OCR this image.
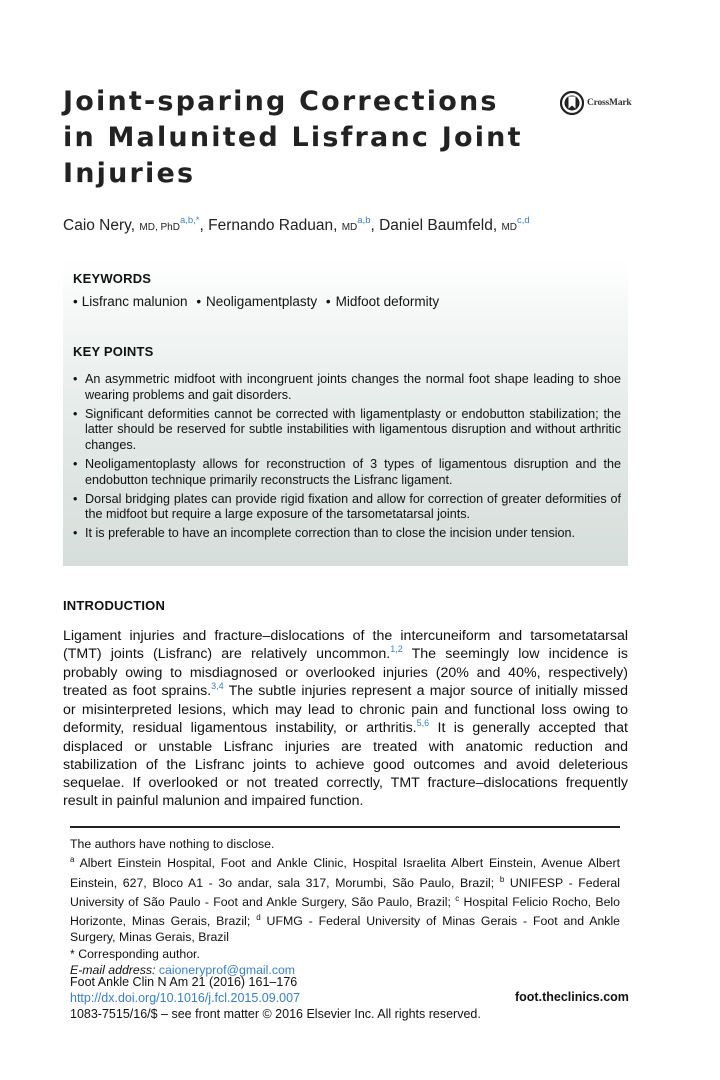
Joint-sparing Corrections in Malunited Lisfranc Joint Injuries
CrossMark
Caio Nery, MD, PhD$^{a,b,*}$, Fernando Raduan, MD$^{a,b}$, Daniel Baumfeld, MD$^{c,d}$
KEYWORDS
• Lisfranc malunion • Neoligamentplasty • Midfoot deformity
KEY POINTS
• An asymmetric midfoot with incongruent joints changes the normal foot shape leading to shoe wearing problems and gait disorders.
• Significant deformities cannot be corrected with ligamentplasty or endobutton stabilization; the latter should be reserved for subtle instabilities with ligamentous disruption and without arthritic changes.
• Neoligamentoplasty allows for reconstruction of 3 types of ligamentous disruption and the endobutton technique primarily reconstructs the Lisfranc ligament.
• Dorsal bridging plates can provide rigid fixation and allow for correction of greater deformities of the midfoot but require a large exposure of the tarsometatarsal joints.
• It is preferable to have an incomplete correction than to close the incision under tension.
INTRODUCTION

Ligament injuries and fracture–dislocations of the intercuneiform and tarsometatarsal (TMT) joints (Lisfranc) are relatively uncommon.$^{1,2}$ The seemingly low incidence is probably owing to misdiagnosed or overlooked injuries (20% and 40%, respectively) treated as foot sprains.$^{3,4}$ The subtle injuries represent a major source of initially missed or misinterpreted lesions, which may lead to chronic pain and functional loss owing to deformity, residual ligamentous instability, or arthritis.$^{5,6}$ It is generally accepted that displaced or unstable Lisfranc injuries are treated with anatomic reduction and stabilization of the Lisfranc joints to achieve good outcomes and avoid deleterious sequelae. If overlooked or not treated correctly, TMT fracture–dislocations frequently result in painful malunion and impaired function.

The authors have nothing to disclose.

$^a$ Albert Einstein Hospital, Foot and Ankle Clinic, Hospital Israelita Albert Einstein, Avenue Albert Einstein, 627, Bloco A1 - 3o andar, sala 317, Morumbi, São Paulo, Brazil; $^b$ UNIFESP - Federal University of São Paulo - Foot and Ankle Surgery, São Paulo, Brazil; $^c$ Hospital Felicio Rocho, Belo Horizonte, Minas Gerais, Brazil; $^d$ UFMG - Federal University of Minas Gerais - Foot and Ankle Surgery, Minas Gerais, Brazil

* Corresponding author.

E-mail address: caioneryprof@gmail.com

Foot Ankle Clin N Am 21 (2016) 161–176
http://dx.doi.org/10.1016/j.fcl.2015.09.007
1083-7515/16/$ – see front matter © 2016 Elsevier Inc. All rights reserved.
foot.theclinics.com
